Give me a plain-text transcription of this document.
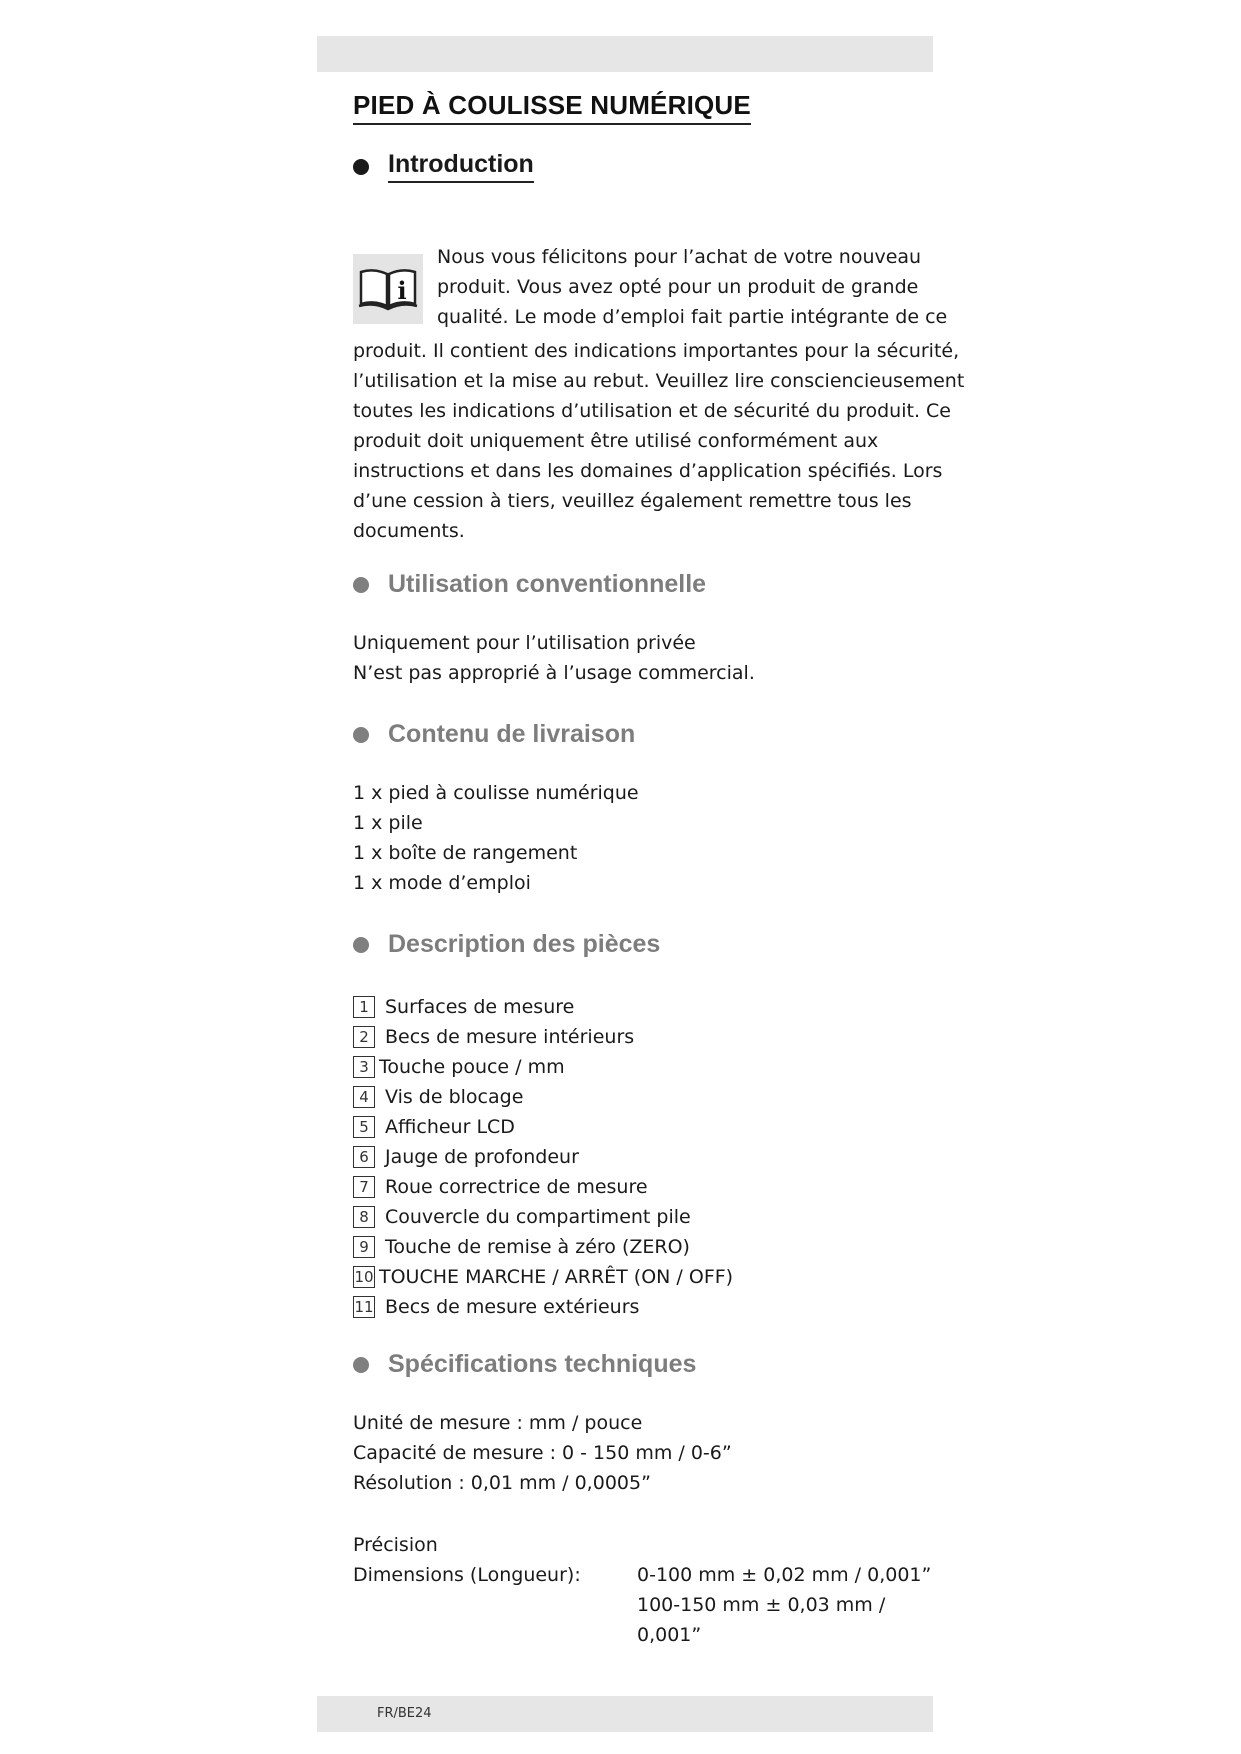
PIED À COULISSE NUMÉRIQUE
Introduction
i
Nous vous félicitons pour l’achat de votre nouveau
produit. Vous avez opté pour un produit de grande
qualité. Le mode d’emploi fait partie intégrante de ce
produit. Il contient des indications importantes pour la sécurité,
l’utilisation et la mise au rebut. Veuillez lire consciencieusement
toutes les indications d’utilisation et de sécurité du produit. Ce
produit doit uniquement être utilisé conformément aux
instructions et dans les domaines d’application spécifiés. Lors
d’une cession à tiers, veuillez également remettre tous les
documents.
Utilisation conventionnelle
Uniquement pour l’utilisation privée
N’est pas approprié à l’usage commercial.
Contenu de livraison
1 x pied à coulisse numérique
1 x pile
1 x boîte de rangement
1 x mode d’emploi
Description des pièces
1 Surfaces de mesure
2 Becs de mesure intérieurs
3 Touche pouce / mm
4 Vis de blocage
5 Afficheur LCD
6 Jauge de profondeur
7 Roue correctrice de mesure
8 Couvercle du compartiment pile
9 Touche de remise à zéro (ZERO)
10 TOUCHE MARCHE / ARRÊT (ON / OFF)
11 Becs de mesure extérieurs
Spécifications techniques
Unité de mesure : mm / pouce
Capacité de mesure : 0 - 150 mm / 0-6”
Résolution : 0,01 mm / 0,0005”
Précision
Dimensions (Longueur):	0-100 mm ± 0,02 mm / 0,001”
100-150 mm ± 0,03 mm /
0,001”
FR/BE24
